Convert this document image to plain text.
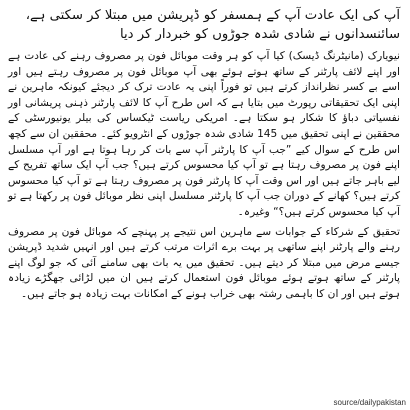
آپ کی ایک عادت آپ کے ہمسفر کو ڈپریشن میں مبتلا کر سکتی ہے، سائنسدانوں نے شادی شدہ جوڑوں کو خبردار کر دیا

نیویارک (مانیٹرنگ ڈیسک) کیا آپ کو ہر وقت موبائل فون پر مصروف رہنے کی عادت ہے اور اپنے لائف پارٹنر کے ساتھ ہوتے ہوئے بھی آپ موبائل فون پر مصروف رہتے ہیں اور اسے بے کسر نظرانداز کرتے ہیں تو فوراً اپنی یہ عادت ترک کر دیجئے کیونکہ ماہرین نے اپنی ایک تحقیقاتی رپورٹ میں بتایا ہے کہ اس طرح آپ کا لائف پارٹنر ذہنی پریشانی اور نفسیاتی دباؤ کا شکار ہو سکتا ہے۔ امریکی ریاست ٹیکساس کی بیلر یونیورسٹی کے محققین نے اپنی تحقیق میں 145 شادی شدہ جوڑوں کے انٹرویو کئے۔ محققین ان سے کچھ اس طرح کے سوال کیے ”جب آپ کا پارٹنر آپ سے بات کر رہا ہوتا ہے اور آپ مسلسل اپنے فون پر مصروف رہتا ہے تو آپ کیا محسوس کرتے ہیں؟ جب آپ ایک ساتھ تفریح کے لیے باہر جاتے ہیں اور اس وقت آپ کا پارٹنر فون پر مصروف رہتا ہے تو آپ کیا محسوس کرتے ہیں؟ کھانے کے دوران جب آپ کا پارٹنر مسلسل اپنی نظر موبائل فون پر رکھتا ہے تو آپ کیا محسوس کرتے ہیں؟“ وغیرہ۔

تحقیق کے شرکاء کے جوابات سے ماہرین اس نتیجے پر پہنچے کہ موبائل فون پر مصروف رہنے والے پارٹنر اپنے ساتھی پر بہت برے اثرات مرتب کرتے ہیں اور انہیں شدید ڈپریشن جیسے مرض میں مبتلا کر دیتے ہیں۔ تحقیق میں یہ بات بھی سامنے آئی کہ جو لوگ اپنے پارٹنر کے ساتھ ہوتے ہوئے موبائل فون استعمال کرتے ہیں ان میں لڑائی جھگڑے زیادہ ہوتے ہیں اور ان کا باہمی رشتہ بھی خراب ہونے کے امکانات بہت زیادہ ہو جاتے ہیں۔

source/dailypakistan
